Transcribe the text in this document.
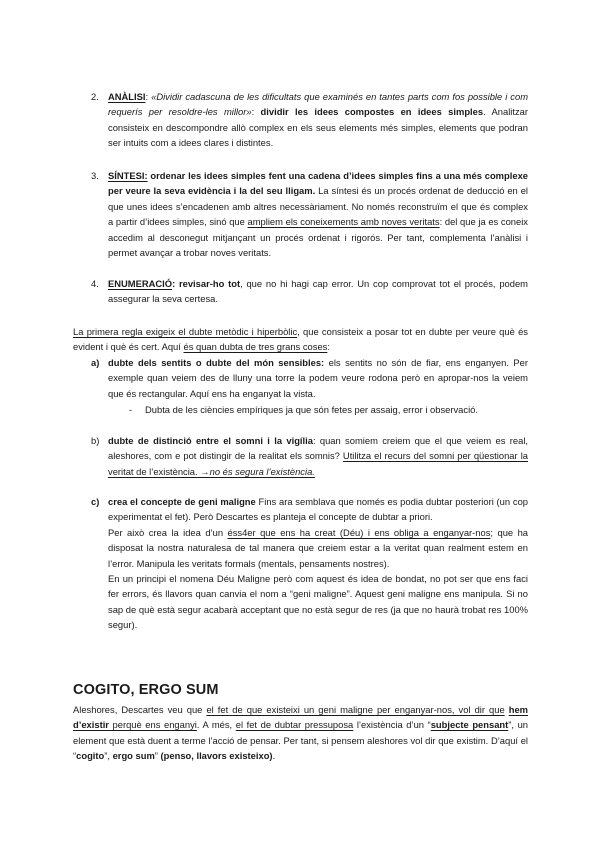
2. ANÀLISI: «Dividir cadascuna de les dificultats que examinés en tantes parts com fos possible i com requerís per resoldre-les millor»: dividir les idees compostes en idees simples. Analitzar consisteix en descompondre allò complex en els seus elements més simples, elements que podran ser intuits com a idees clares i distintes.

3. SÍNTESI: ordenar les idees simples fent una cadena d’idees simples fins a una més complexe per veure la seva evidència i la del seu lligam. La síntesi és un procés ordenat de deducció en el que unes idees s’encadenen amb altres necessàriament. No només reconstruïm el que és complex a partir d’idees simples, sinó que ampliem els coneixements amb noves veritats: del que ja es coneix accedim al desconegut mitjançant un procés ordenat i rigorós. Per tant, complementa l’anàlisi i permet avançar a trobar noves veritats.

4. ENUMERACIÓ: revisar-ho tot, que no hi hagi cap error. Un cop comprovat tot el procés, podem assegurar la seva certesa.

La primera regla exigeix el dubte metòdic i hiperbòlic, que consisteix a posar tot en dubte per veure què és evident i què és cert. Aquí és quan dubta de tres grans coses:

a) dubte dels sentits o dubte del món sensibles: els sentits no són de fiar, ens enganyen. Per exemple quan veiem des de lluny una torre la podem veure rodona però en apropar-nos la veiem que és rectangular. Aquí ens ha enganyat la vista.

- Dubta de les ciències empíriques ja que són fetes per assaig, error i observació.

b) dubte de distinció entre el somni i la vigília: quan somiem creiem que el que veiem es real, aleshores, com e pot distingir de la realitat els somnis? Utilitza el recurs del somni per qüestionar la veritat de l’existència. →no és segura l’existència.

c) crea el concepte de geni maligne Fins ara semblava que només es podia dubtar posteriori (un cop experimentat el fet). Però Descartes es planteja el concepte de dubtar a priori.

Per això crea la idea d’un éss4er que ens ha creat (Déu) i ens obliga a enganyar-nos; que ha disposat la nostra naturalesa de tal manera que creiem estar a la veritat quan realment estem en l’error. Manipula les veritats formals (mentals, pensaments nostres).

En un principi el nomena Déu Maligne però com aquest és idea de bondat, no pot ser que ens faci fer errors, és llavors quan canvia el nom a “geni maligne”. Aquest geni maligne ens manipula. Si no sap de què està segur acabarà acceptant que no està segur de res (ja que no haurà trobat res 100% segur).

COGITO, ERGO SUM

Aleshores, Descartes veu que el fet de que existeixi un geni maligne per enganyar-nos, vol dir que hem d’existir perquè ens enganyi. A més, el fet de dubtar pressuposa l’existència d’un “subjecte pensant”, un element que està duent a terme l’acció de pensar. Per tant, si pensem aleshores vol dir que existim. D’aquí el “cogito”, ergo sum” (penso, llavors existeixo).
